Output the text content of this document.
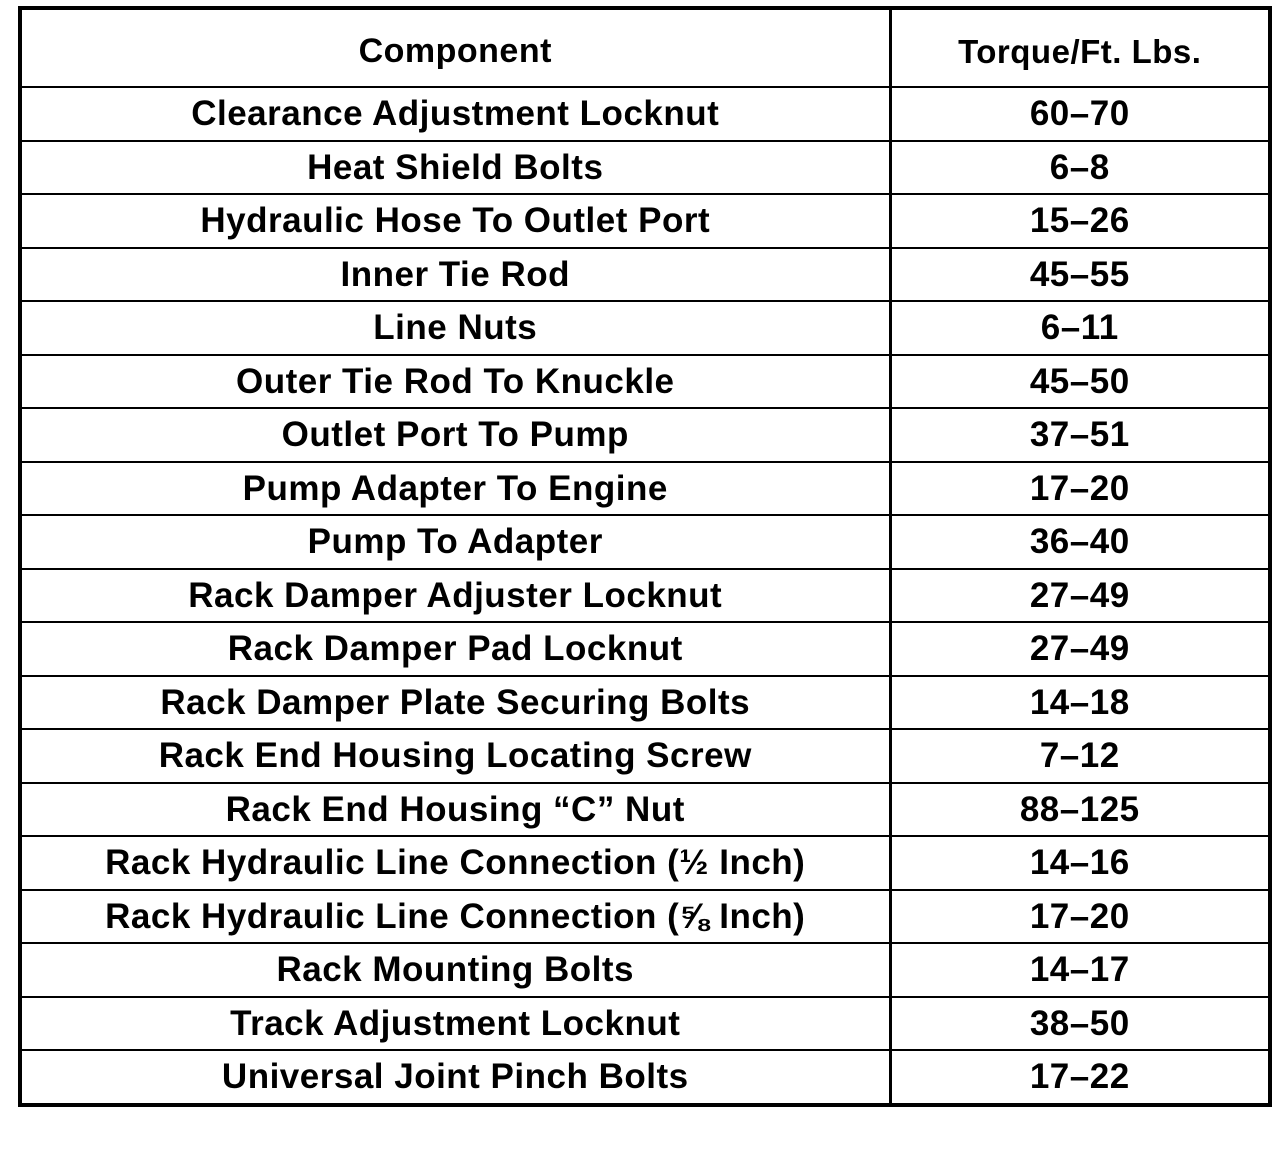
Component	Torque/Ft. Lbs.
Clearance Adjustment Locknut	60–70
Heat Shield Bolts	6–8
Hydraulic Hose To Outlet Port	15–26
Inner Tie Rod	45–55
Line Nuts	6–11
Outer Tie Rod To Knuckle	45–50
Outlet Port To Pump	37–51
Pump Adapter To Engine	17–20
Pump To Adapter	36–40
Rack Damper Adjuster Locknut	27–49
Rack Damper Pad Locknut	27–49
Rack Damper Plate Securing Bolts	14–18
Rack End Housing Locating Screw	7–12
Rack End Housing “C” Nut	88–125
Rack Hydraulic Line Connection (½ Inch)	14–16
Rack Hydraulic Line Connection (⅝ Inch)	17–20
Rack Mounting Bolts	14–17
Track Adjustment Locknut	38–50
Universal Joint Pinch Bolts	17–22
